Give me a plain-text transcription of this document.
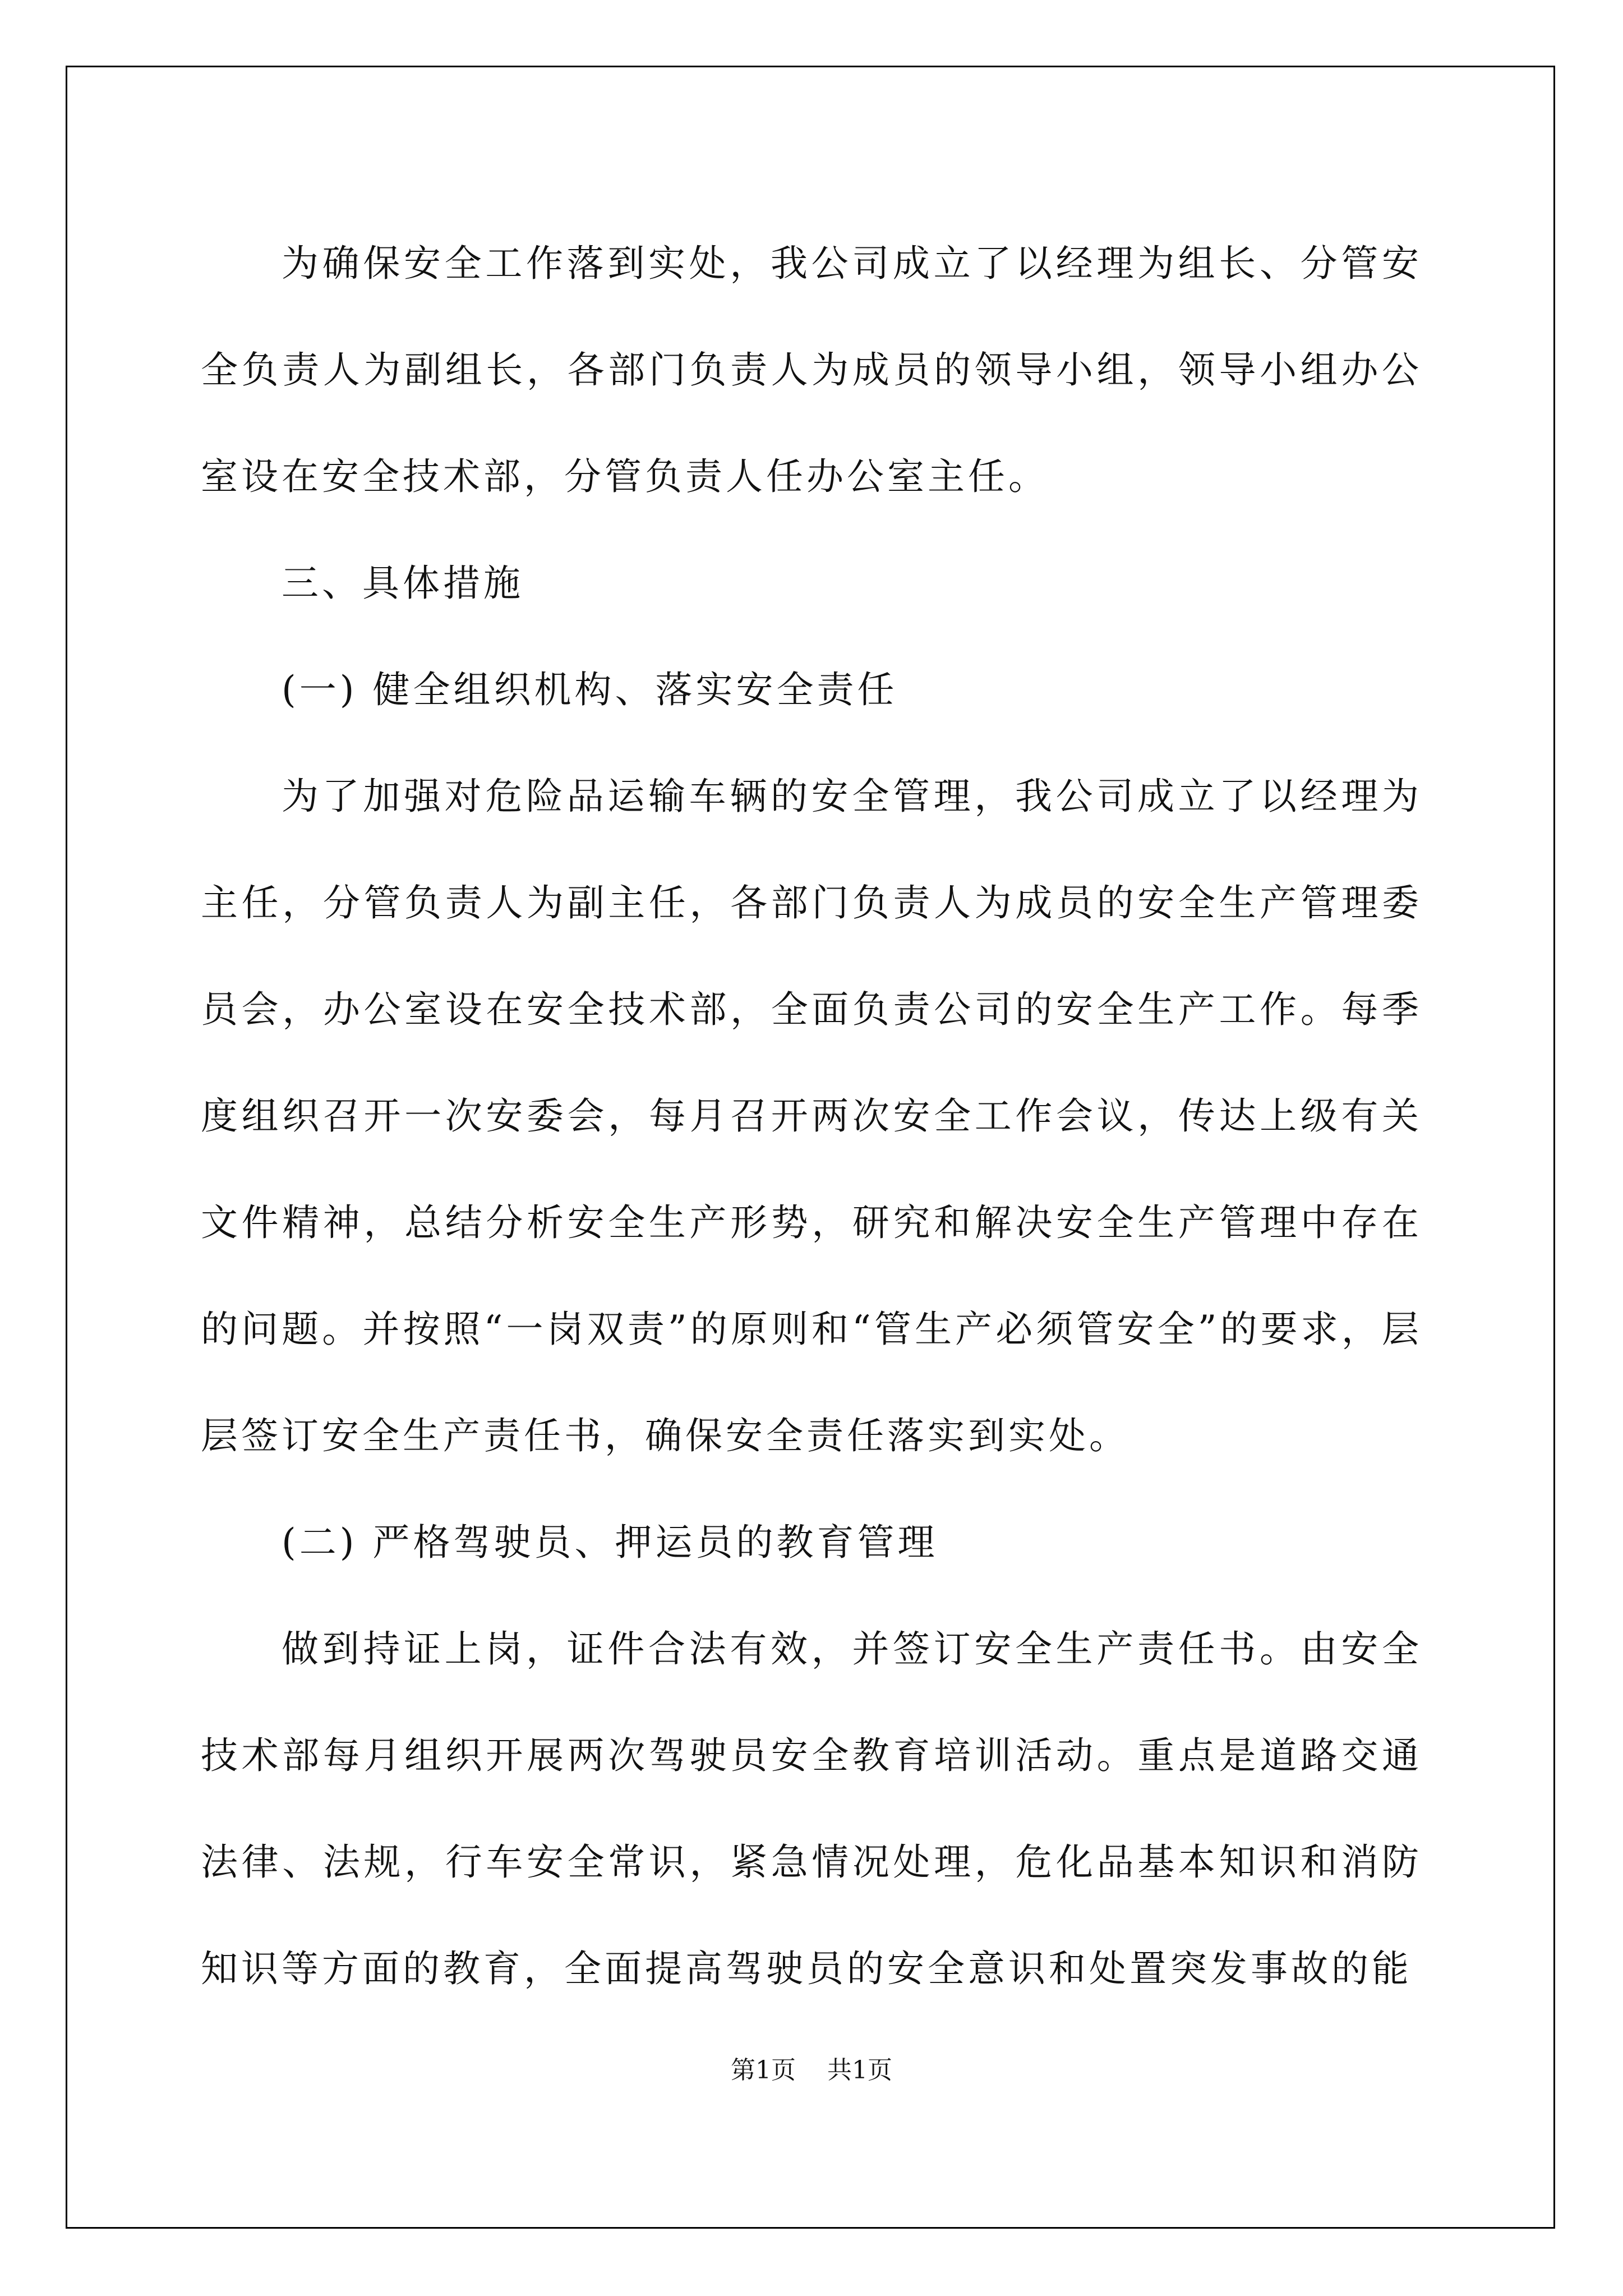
为确保安全工作落到实处，我公司成立了以经理为组长、分管安全负责人为副组长，各部门负责人为成员的领导小组，领导小组办公室设在安全技术部，分管负责人任办公室主任。

三、具体措施

(一) 健全组织机构、落实安全责任

为了加强对危险品运输车辆的安全管理，我公司成立了以经理为主任，分管负责人为副主任，各部门负责人为成员的安全生产管理委员会，办公室设在安全技术部，全面负责公司的安全生产工作。每季度组织召开一次安委会，每月召开两次安全工作会议，传达上级有关文件精神，总结分析安全生产形势，研究和解决安全生产管理中存在的问题。并按照“一岗双责”的原则和“管生产必须管安全”的要求，层层签订安全生产责任书，确保安全责任落实到实处。

(二) 严格驾驶员、押运员的教育管理

做到持证上岗，证件合法有效，并签订安全生产责任书。由安全技术部每月组织开展两次驾驶员安全教育培训活动。重点是道路交通法律、法规，行车安全常识，紧急情况处理，危化品基本知识和消防知识等方面的教育，全面提高驾驶员的安全意识和处置突发事故的能

第1页 共1页
